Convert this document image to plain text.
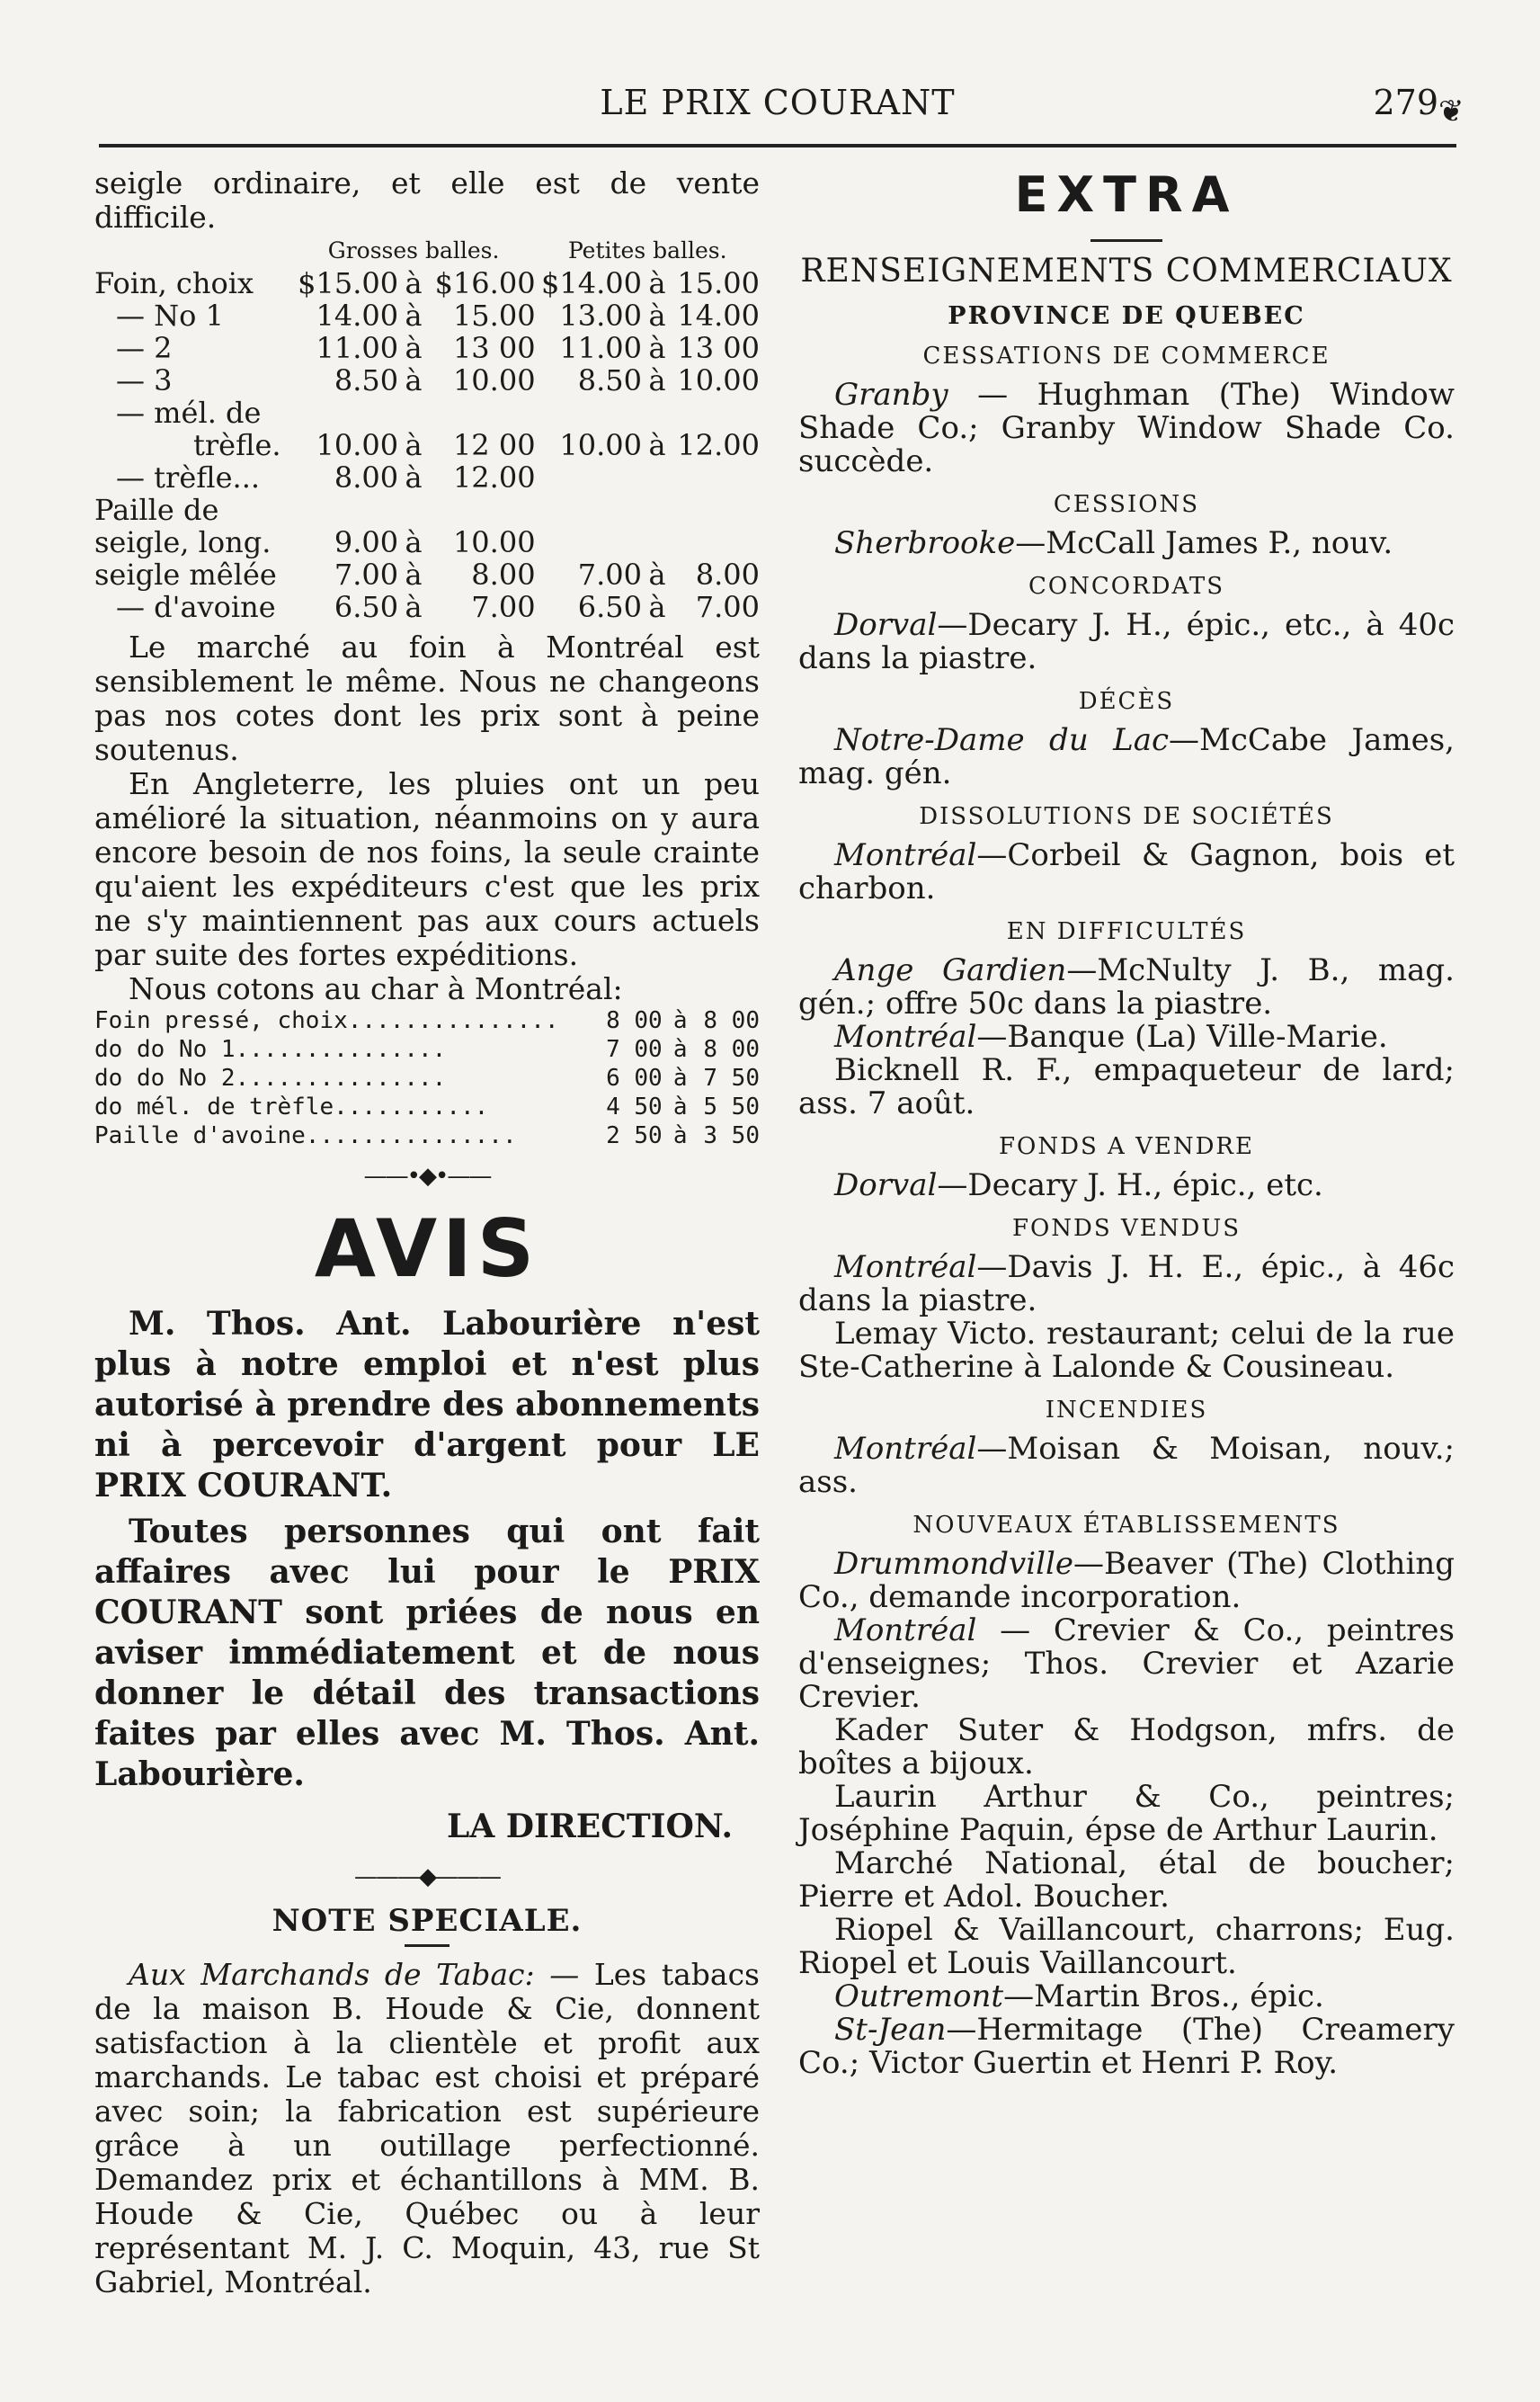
LE PRIX COURANT	279 ❦

seigle ordinaire, et elle est de vente difficile.

	Grosses balles.			Petites balles.		
Foin, choix	$15.00	à	$16.00	$14.00	à	15.00
— No 1	14.00	à	15.00	13.00	à	14.00
— 2	11.00	à	13 00	11.00	à	13 00
— 3	8.50	à	10.00	8.50	à	10.00
— mél. de						
trèfle.	10.00	à	12 00	10.00	à	12.00
— trèfle...	8.00	à	12.00			
Paille de						
seigle, long.	9.00	à	10.00			
seigle mêlée	7.00	à	8.00	7.00	à	8.00
— d'avoine	6.50	à	7.00	6.50	à	7.00

Le marché au foin à Montréal est sensiblement le même. Nous ne changeons pas nos cotes dont les prix sont à peine soutenus.

En Angleterre, les pluies ont un peu amélioré la situation, néanmoins on y aura encore besoin de nos foins, la seule crainte qu'aient les expéditeurs c'est que les prix ne s'y maintiennent pas aux cours actuels par suite des fortes expéditions.

Nous cotons au char à Montréal:

Foin pressé, choix...............	8 00	à	8 00
do do No 1...............	7 00	à	8 00
do do No 2...............	6 00	à	7 50
do mél. de trèfle...........	4 50	à	5 50
Paille d'avoine...............	2 50	à	3 50
——•◆•——
AVIS

M. Thos. Ant. Labourière n'est plus à notre emploi et n'est plus autorisé à prendre des abonnements ni à percevoir d'argent pour LE PRIX COURANT.

Toutes personnes qui ont fait affaires avec lui pour le PRIX COURANT sont priées de nous en aviser immédiatement et de nous donner le détail des transactions faites par elles avec M. Thos. Ant. Labourière.

LA DIRECTION.
———◆———
NOTE SPECIALE.

Aux Marchands de Tabac: — Les tabacs de la maison B. Houde & Cie, donnent satisfaction à la clientèle et profit aux marchands. Le tabac est choisi et préparé avec soin; la fabrication est supérieure grâce à un outillage perfectionné. Demandez prix et échantillons à MM. B. Houde & Cie, Québec ou à leur représentant M. J. C. Moquin, 43, rue St Gabriel, Montréal.

EXTRA
RENSEIGNEMENTS COMMERCIAUX
PROVINCE DE QUEBEC
CESSATIONS DE COMMERCE

Granby — Hughman (The) Window Shade Co.; Granby Window Shade Co. succède.

CESSIONS

Sherbrooke—McCall James P., nouv.

CONCORDATS

Dorval—Decary J. H., épic., etc., à 40c dans la piastre.

DÉCÈS

Notre-Dame du Lac—McCabe James, mag. gén.

DISSOLUTIONS DE SOCIÉTÉS

Montréal—Corbeil & Gagnon, bois et charbon.

EN DIFFICULTÉS

Ange Gardien—McNulty J. B., mag. gén.; offre 50c dans la piastre.

Montréal—Banque (La) Ville-Marie.

Bicknell R. F., empaqueteur de lard; ass. 7 août.

FONDS A VENDRE

Dorval—Decary J. H., épic., etc.

FONDS VENDUS

Montréal—Davis J. H. E., épic., à 46c dans la piastre.

Lemay Victo. restaurant; celui de la rue Ste-Catherine à Lalonde & Cousineau.

INCENDIES

Montréal—Moisan & Moisan, nouv.; ass.

NOUVEAUX ÉTABLISSEMENTS

Drummondville—Beaver (The) Clothing Co., demande incorporation.

Montréal — Crevier & Co., peintres d'enseignes; Thos. Crevier et Azarie Crevier.

Kader Suter & Hodgson, mfrs. de boîtes a bijoux.

Laurin Arthur & Co., peintres; Joséphine Paquin, épse de Arthur Laurin.

Marché National, étal de boucher; Pierre et Adol. Boucher.

Riopel & Vaillancourt, charrons; Eug. Riopel et Louis Vaillancourt.

Outremont—Martin Bros., épic.

St-Jean—Hermitage (The) Creamery Co.; Victor Guertin et Henri P. Roy.
